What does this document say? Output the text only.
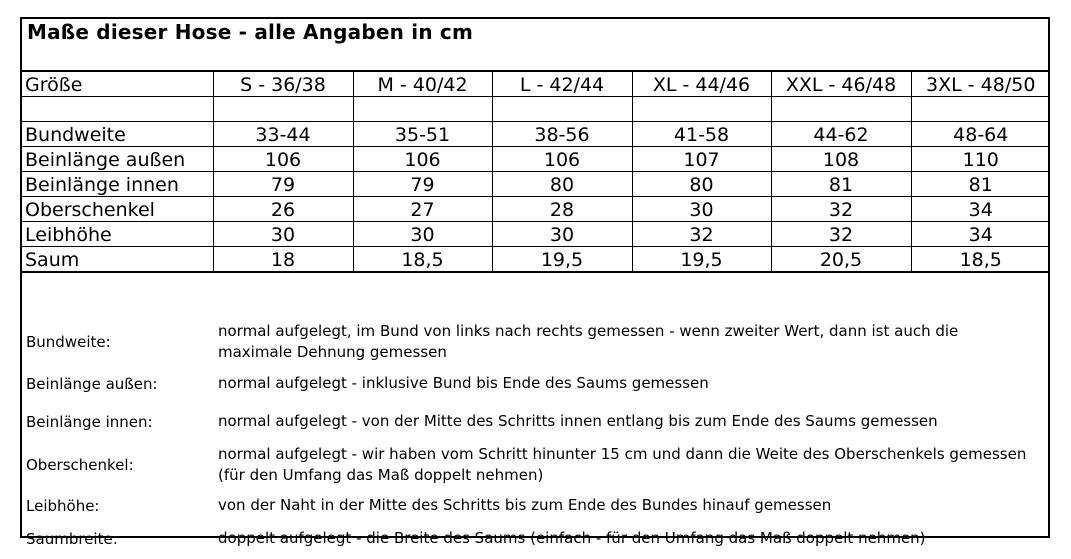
Maße dieser Hose - alle Angaben in cm
Größe	S - 36/38	M - 40/42	L - 42/44	XL - 44/46	XXL - 46/48	3XL - 48/50

Bundweite	33-44	35-51	38-56	41-58	44-62	48-64
Beinlänge außen	106	106	106	107	108	110
Beinlänge innen	79	79	80	80	81	81
Oberschenkel	26	27	28	30	32	34
Leibhöhe	30	30	30	32	32	34
Saum	18	18,5	19,5	19,5	20,5	18,5
Bundweite:
normal aufgelegt, im Bund von links nach rechts gemessen - wenn zweiter Wert, dann ist auch die maximale Dehnung gemessen
Beinlänge außen:	normal aufgelegt - inklusive Bund bis Ende des Saums gemessen
Beinlänge innen:	normal aufgelegt - von der Mitte des Schritts innen entlang bis zum Ende des Saums gemessen
Oberschenkel:
normal aufgelegt - wir haben vom Schritt hinunter 15 cm und dann die Weite des Oberschenkels gemessen (für den Umfang das Maß doppelt nehmen)
Leibhöhe:	von der Naht in der Mitte des Schritts bis zum Ende des Bundes hinauf gemessen
Saumbreite:	doppelt aufgelegt - die Breite des Saums (einfach - für den Umfang das Maß doppelt nehmen)
